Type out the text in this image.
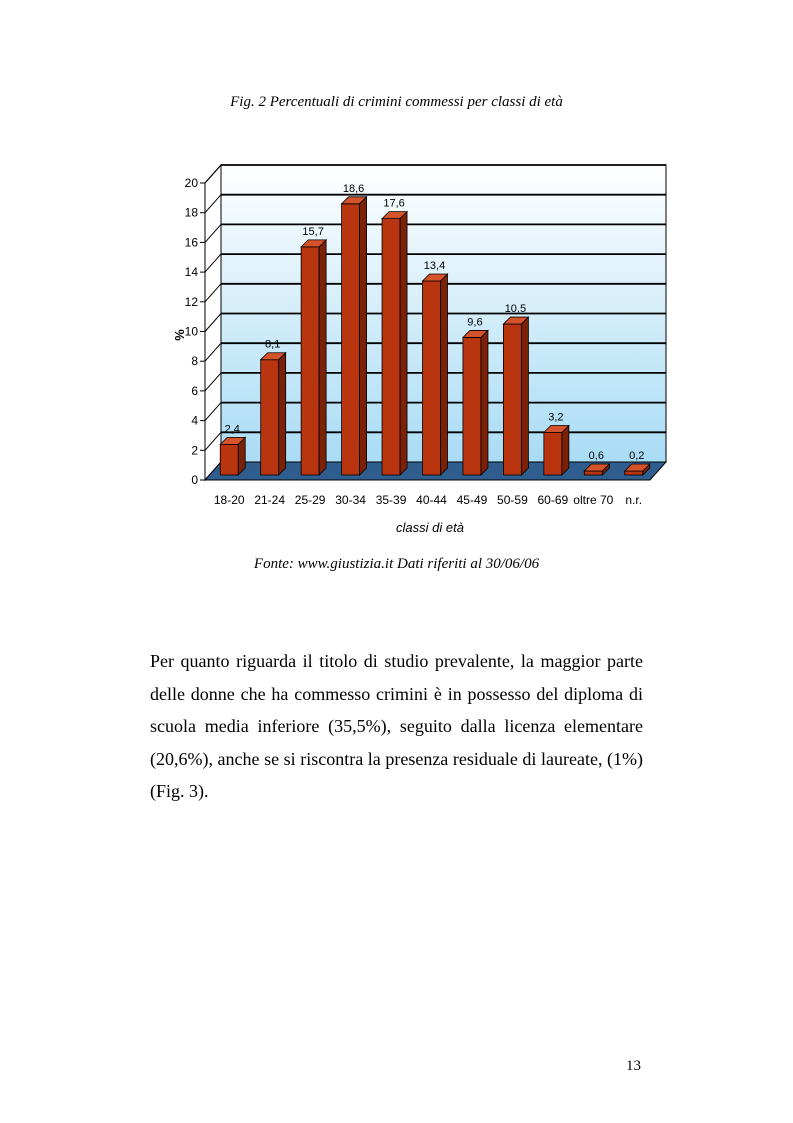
Fig. 2 Percentuali di crimini commessi per classi di età
0
2
4
6
8
10
12
14
16
18
20
2,4
8,1
15,7
18,6
17,6
13,4
9,6
10,5
3,2
0,6 0,2
18-20 21-24 25-29 30-34 35-39 40-44 45-49 50-59 60-69 oltre 70 n.r.
%
classi di età
Fonte: www.giustizia.it Dati riferiti al 30/06/06

Per quanto riguarda il titolo di studio prevalente, la maggior parte delle donne che ha commesso crimini è in possesso del diploma di scuola media inferiore (35,5%), seguito dalla licenza elementare (20,6%), anche se si riscontra la presenza residuale di laureate, (1%) (Fig. 3).

13
